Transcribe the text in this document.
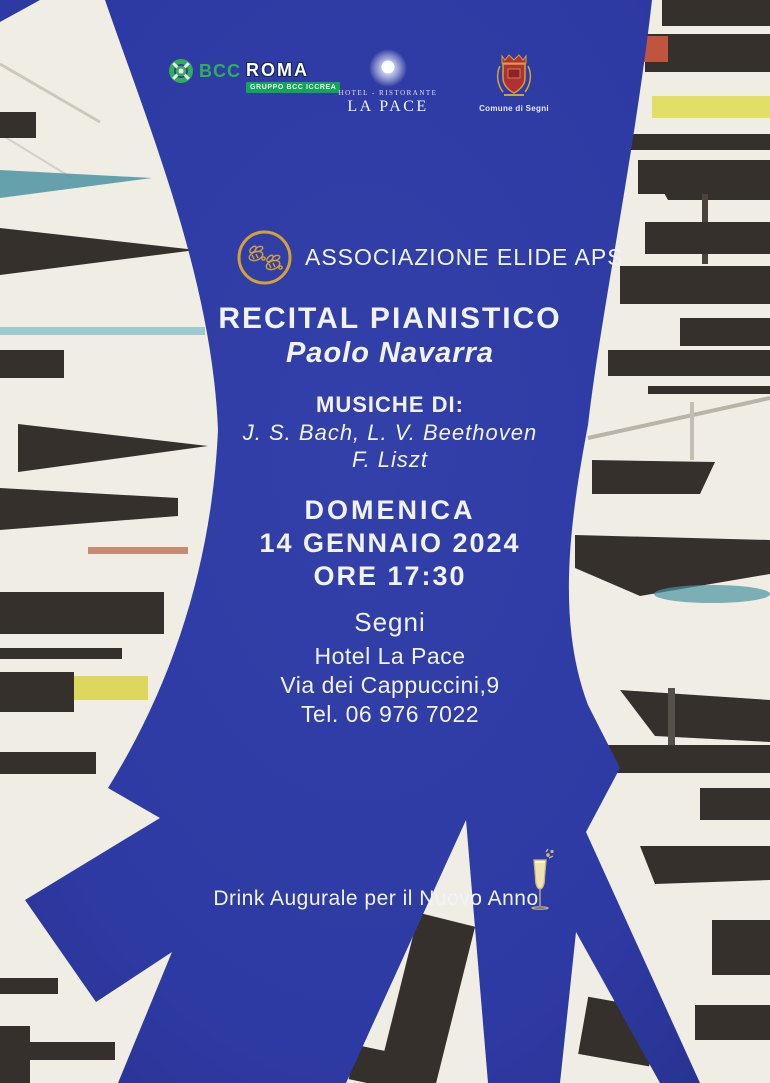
BCC ROMA
GRUPPO BCC ICCREA
HOTEL - RISTORANTE
LA PACE	Comune di Segni
ASSOCIAZIONE ELIDE APS
RECITAL PIANISTICO
Paolo Navarra
MUSICHE DI:
J. S. Bach, L. V. Beethoven
F. Liszt
DOMENICA
14 GENNAIO 2024
ORE 17:30
Segni
Hotel La Pace
Via dei Cappuccini,9
Tel. 06 976 7022
Drink Augurale per il Nuovo Anno
